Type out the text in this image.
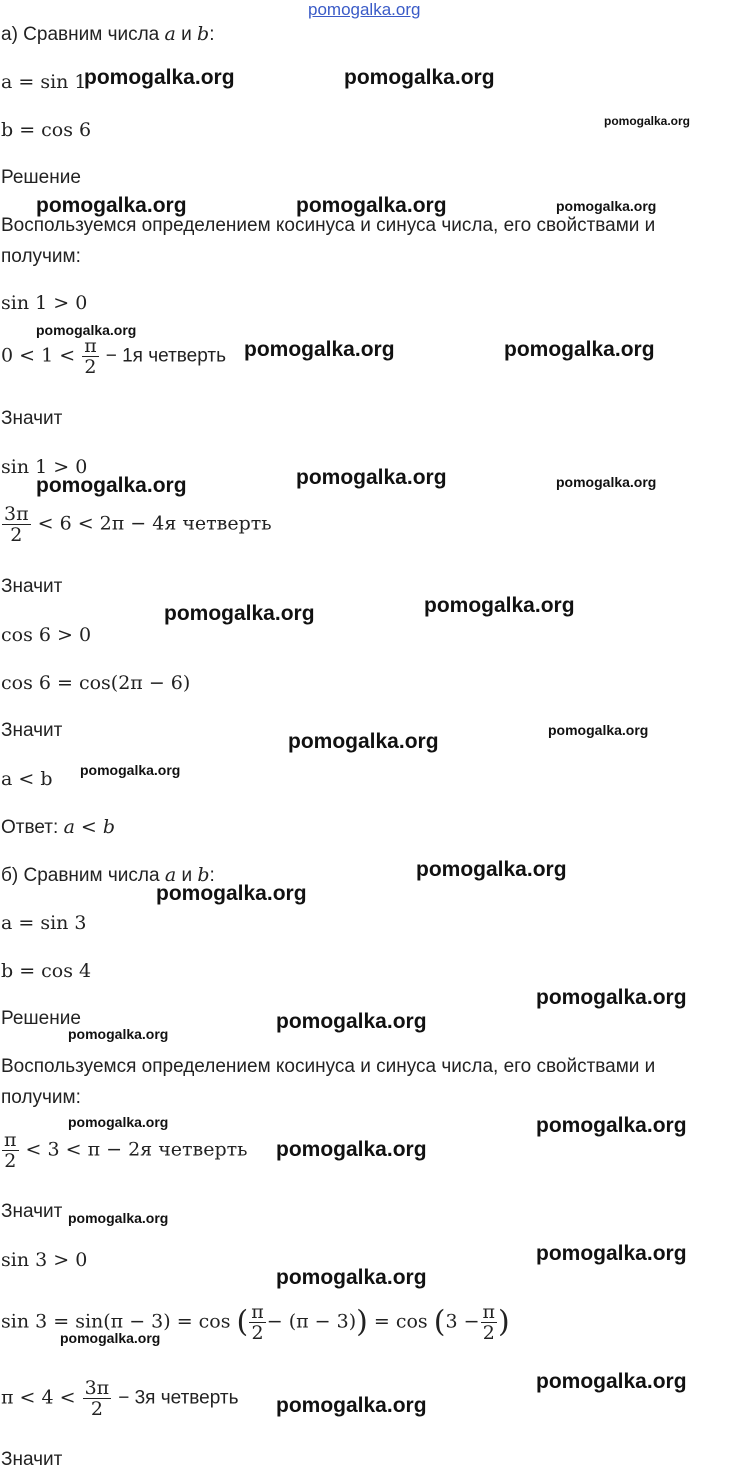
pomogalka.org
а) Сравним числа a и b:
a = sin 1
b = cos 6
Решение
Воспользуемся определением косинуса и синуса числа, его свойствами и
получим:
sin 1 > 0
$0 < 1 < \frac{\pi}{2} - 1я$ четверть
Значит
sin 1 > 0
$\frac{3\pi}{2} < 6 < 2\pi - 4я$ четверть
Значит
cos 6 > 0
cos 6 = cos(2π − 6)
Значит
a < b
Ответ: a < b
б) Сравним числа a и b:
a = sin 3
b = cos 4
Решение
Воспользуемся определением косинуса и синуса числа, его свойствами и
получим:
$\frac{\pi}{2} < 3 < \pi - 2я$ четверть
Значит
sin 3 > 0
sin 3 = sin(π − 3) = cos ( $\frac{\pi}{2} - (\pi - 3)) = \cos (3 - \frac{\pi}{2}$ )
$\pi < 4 < \frac{3\pi}{2} - 3я$ четверть
Значит
pomogalka.org	pomogalka.org
pomogalka.org
pomogalka.org	pomogalka.org	pomogalka.org
pomogalka.org
pomogalka.org	pomogalka.org
pomogalka.org
pomogalka.org	pomogalka.org
pomogalka.org
pomogalka.org
pomogalka.org
pomogalka.org
pomogalka.org
pomogalka.org
pomogalka.org
pomogalka.org
pomogalka.org
pomogalka.org
pomogalka.org	pomogalka.org
pomogalka.org
pomogalka.org
pomogalka.org
pomogalka.org
pomogalka.org
pomogalka.org
pomogalka.org
